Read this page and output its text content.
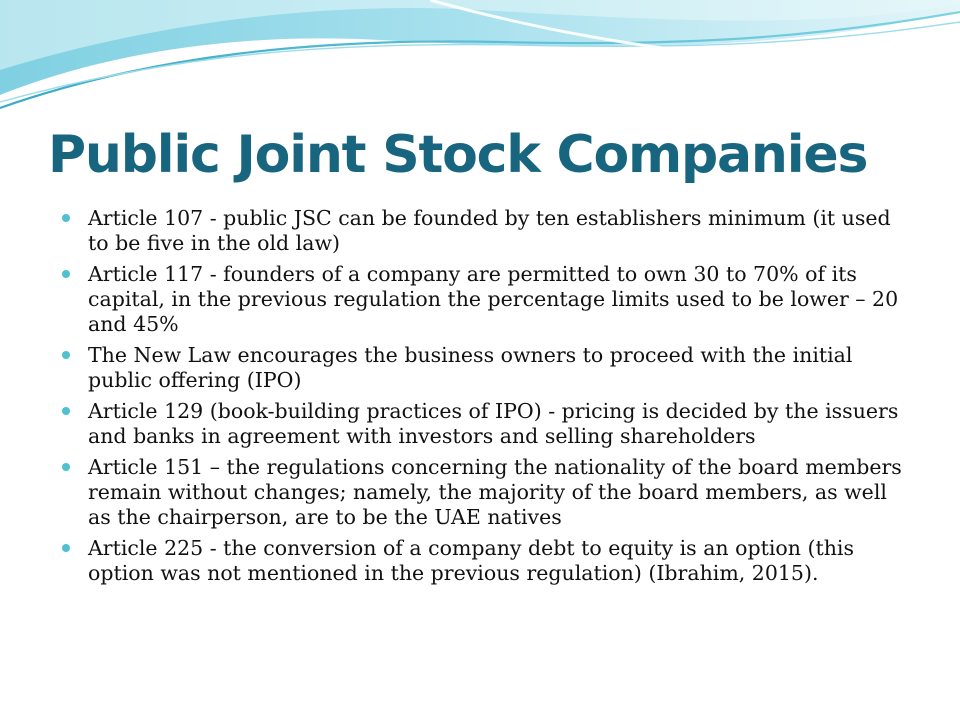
Public Joint Stock Companies
Article 107 - public JSC can be founded by ten establishers minimum (it used to be five in the old law)
Article 117 - founders of a company are permitted to own 30 to 70% of its capital, in the previous regulation the percentage limits used to be lower – 20 and 45%
The New Law encourages the business owners to proceed with the initial public offering (IPO)
Article 129 (book-building practices of IPO) - pricing is decided by the issuers and banks in agreement with investors and selling shareholders
Article 151 – the regulations concerning the nationality of the board members remain without changes; namely, the majority of the board members, as well as the chairperson, are to be the UAE natives
Article 225 - the conversion of a company debt to equity is an option (this option was not mentioned in the previous regulation) (Ibrahim, 2015).
